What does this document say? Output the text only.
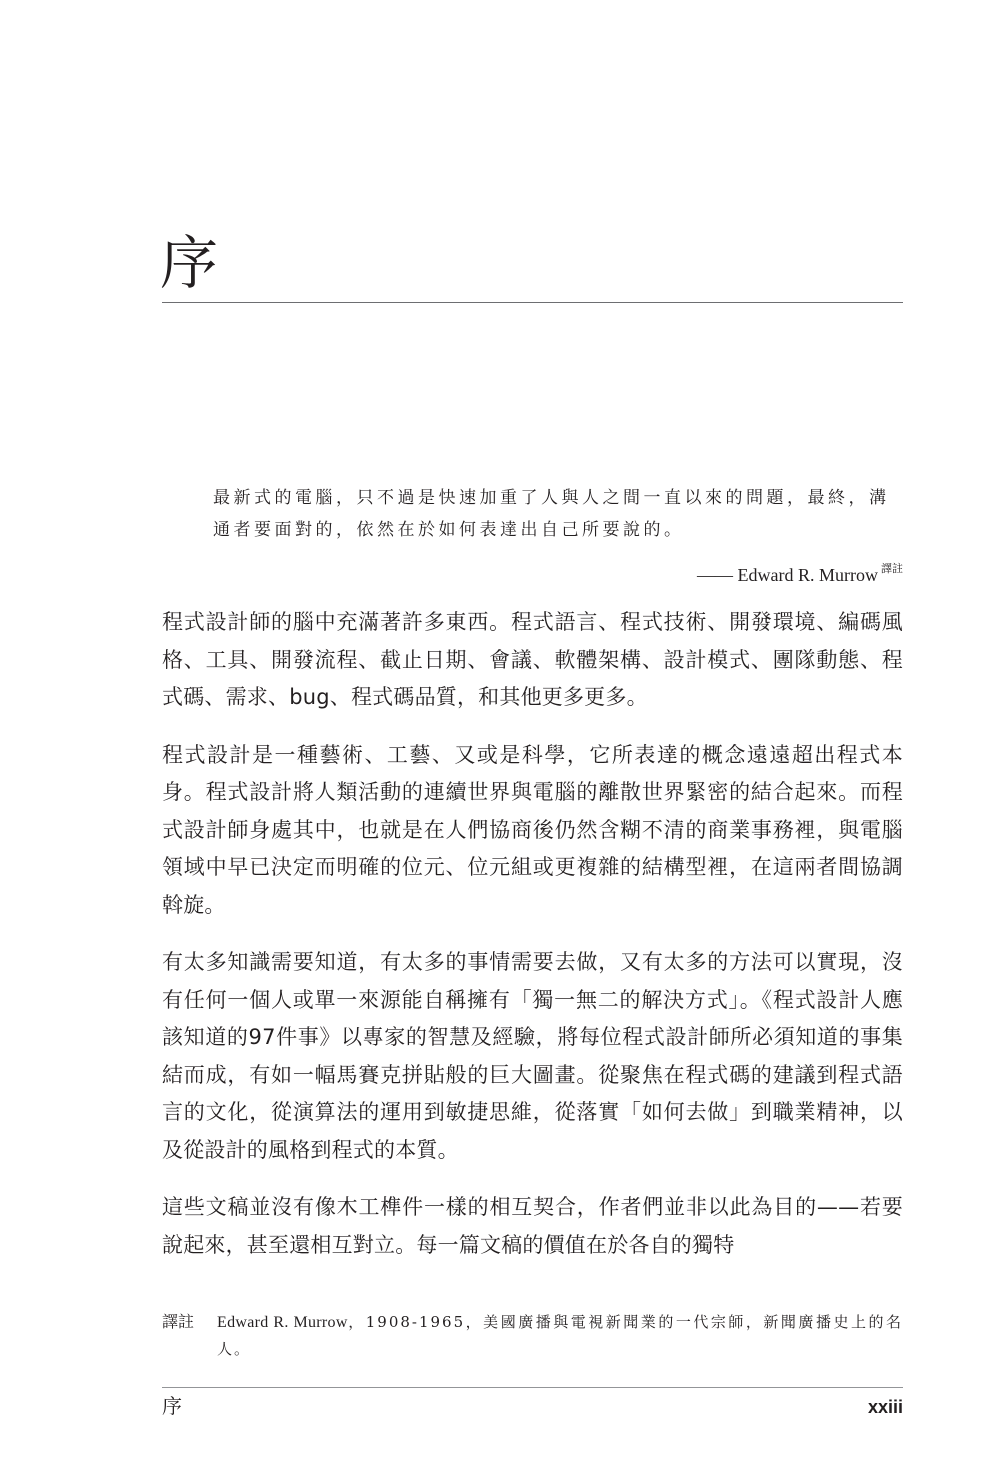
序

最新式的電腦，只不過是快速加重了人與人之間一直以來的問題，最終，溝通者要面對的，依然在於如何表達出自己所要說的。

—— Edward R. Murrow $^{譯註}$

程式設計師的腦中充滿著許多東西。程式語言、程式技術、開發環境、編碼風格、工具、開發流程、截止日期、會議、軟體架構、設計模式、團隊動態、程式碼、需求、bug、程式碼品質，和其他更多更多。

程式設計是一種藝術、工藝、又或是科學，它所表達的概念遠遠超出程式本身。程式設計將人類活動的連續世界與電腦的離散世界緊密的結合起來。而程式設計師身處其中，也就是在人們協商後仍然含糊不清的商業事務裡，與電腦領域中早已決定而明確的位元、位元組或更複雜的結構型裡，在這兩者間協調斡旋。

有太多知識需要知道，有太多的事情需要去做，又有太多的方法可以實現，沒有任何一個人或單一來源能自稱擁有「獨一無二的解決方式」。《程式設計人應該知道的97件事》以專家的智慧及經驗，將每位程式設計師所必須知道的事集結而成，有如一幅馬賽克拼貼般的巨大圖畫。從聚焦在程式碼的建議到程式語言的文化，從演算法的運用到敏捷思維，從落實「如何去做」到職業精神，以及從設計的風格到程式的本質。

這些文稿並沒有像木工榫件一樣的相互契合，作者們並非以此為目的——若要說起來，甚至還相互對立。每一篇文稿的價值在於各自的獨特

譯註 Edward R. Murrow，1908-1965，美國廣播與電視新聞業的一代宗師，新聞廣播史上的名人。
序	xxiii
